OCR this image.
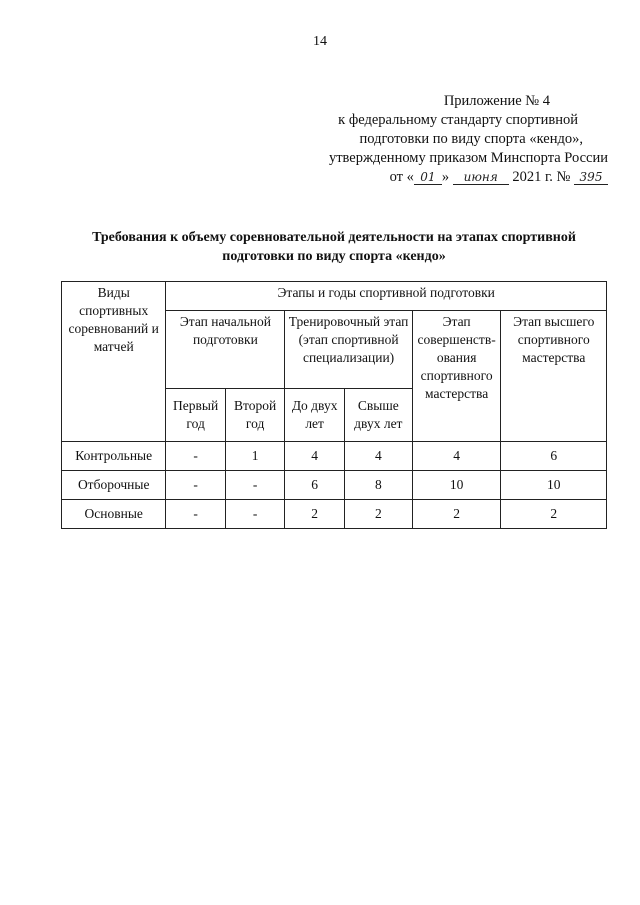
14
Приложение № 4
к федеральному стандарту спортивной
подготовки по виду спорта «кендо»,
утвержденному приказом Минспорта России
от « 01 » июня 2021 г. № 395
Требования к объему соревновательной деятельности на этапах спортивной
подготовки по виду спорта «кендо»
Виды спортивных соревнований и матчей	Этапы и годы спортивной подготовки					
	Этап начальной подготовки		Тренировочный этап (этап спортивной специализации)		Этап совершенств-ования спортивного мастерства	Этап высшего спортивного мастерства
	Первый год	Второй год	До двух лет	Свыше двух лет		
Контрольные	-	1	4	4	4	6
Отборочные	-	-	6	8	10	10
Основные	-	-	2	2	2	2
